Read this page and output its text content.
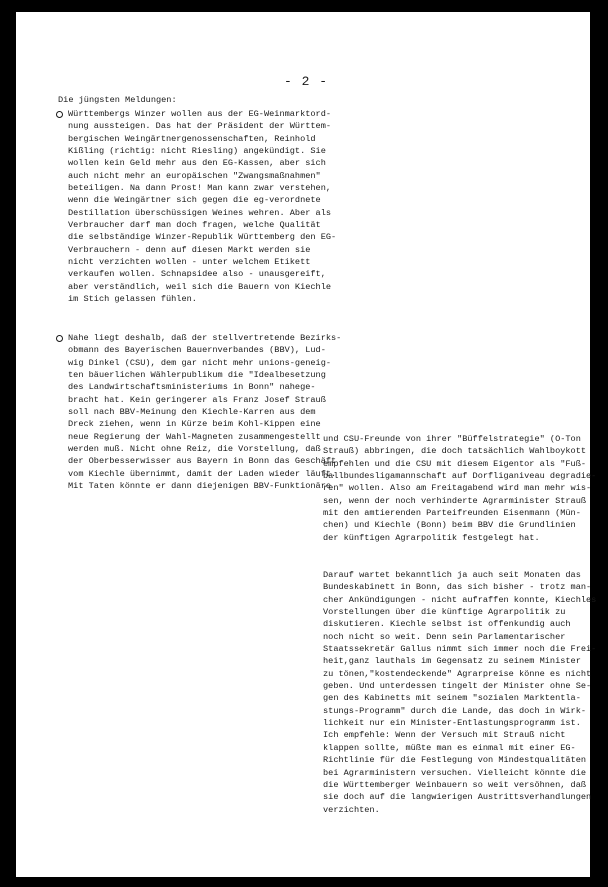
- 2 -
Die jüngsten Meldungen:
Württembergs Winzer wollen aus der EG-Weinmarktord-
nung aussteigen. Das hat der Präsident der Württem-
bergischen Weingärtnergenossenschaften, Reinhold
Kißling (richtig: nicht Riesling) angekündigt. Sie
wollen kein Geld mehr aus den EG-Kassen, aber sich
auch nicht mehr an europäischen "Zwangsmaßnahmen"
beteiligen. Na dann Prost! Man kann zwar verstehen,
wenn die Weingärtner sich gegen die eg-verordnete
Destillation überschüssigen Weines wehren. Aber als
Verbraucher darf man doch fragen, welche Qualität
die selbständige Winzer-Republik Württemberg den EG-
Verbrauchern - denn auf diesen Markt werden sie
nicht verzichten wollen - unter welchem Etikett
verkaufen wollen. Schnapsidee also - unausgereift,
aber verständlich, weil sich die Bauern von Kiechle
im Stich gelassen fühlen.
Nahe liegt deshalb, daß der stellvertretende Bezirks-
obmann des Bayerischen Bauernverbandes (BBV), Lud-
wig Dinkel (CSU), dem gar nicht mehr unions-geneig-
ten bäuerlichen Wählerpublikum die "Idealbesetzung
des Landwirtschaftsministeriums in Bonn" nahege-
bracht hat. Kein geringerer als Franz Josef Strauß
soll nach BBV-Meinung den Kiechle-Karren aus dem
Dreck ziehen, wenn in Kürze beim Kohl-Kippen eine
neue Regierung der Wahl-Magneten zusammengestellt
werden muß. Nicht ohne Reiz, die Vorstellung, daß
der Oberbesserwisser aus Bayern in Bonn das Geschäft
vom Kiechle übernimmt, damit der Laden wieder läuft.
Mit Taten könnte er dann diejenigen BBV-Funktionäre
und CSU-Freunde von ihrer "Büffelstrategie" (O-Ton
Strauß) abbringen, die doch tatsächlich Wahlboykott
empfehlen und die CSU mit diesem Eigentor als "Fuß-
ballbundesligamannschaft auf Dorfliganiveau degradie-
ren" wollen. Also am Freitagabend wird man mehr wis-
sen, wenn der noch verhinderte Agrarminister Strauß
mit den amtierenden Parteifreunden Eisenmann (Mün-
chen) und Kiechle (Bonn) beim BBV die Grundlinien
der künftigen Agrarpolitik festgelegt hat.
Darauf wartet bekanntlich ja auch seit Monaten das
Bundeskabinett in Bonn, das sich bisher - trotz man-
cher Ankündigungen - nicht aufraffen konnte, Kiechles
Vorstellungen über die künftige Agrarpolitik zu
diskutieren. Kiechle selbst ist offenkundig auch
noch nicht so weit. Denn sein Parlamentarischer
Staatssekretär Gallus nimmt sich immer noch die Frei-
heit,ganz lauthals im Gegensatz zu seinem Minister
zu tönen,"kostendeckende" Agrarpreise könne es nicht
geben. Und unterdessen tingelt der Minister ohne Se-
gen des Kabinetts mit seinem "sozialen Marktentla-
stungs-Programm" durch die Lande, das doch in Wirk-
lichkeit nur ein Minister-Entlastungsprogramm ist.
Ich empfehle: Wenn der Versuch mit Strauß nicht
klappen sollte, müßte man es einmal mit einer EG-
Richtlinie für die Festlegung von Mindestqualitäten
bei Agrarministern versuchen. Vielleicht könnte die
die Württemberger Weinbauern so weit versöhnen, daß
sie doch auf die langwierigen Austrittsverhandlungen
verzichten.
